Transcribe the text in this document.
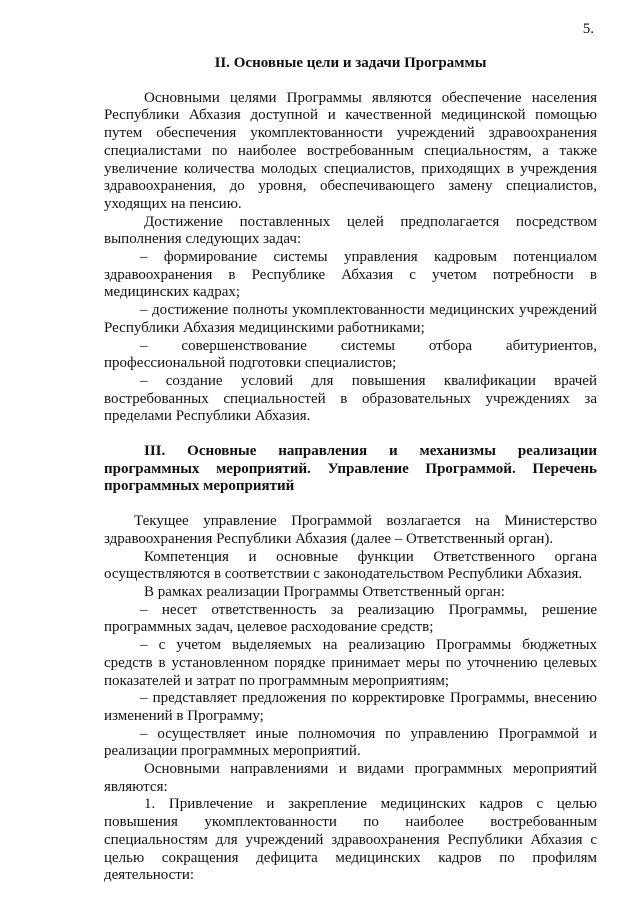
5.
II. Основные цели и задачи Программы

Основными целями Программы являются обеспечение населения Республики Абхазия доступной и качественной медицинской помощью путем обеспечения укомплектованности учреждений здравоохранения специалистами по наиболее востребованным специальностям, а также увеличение количества молодых специалистов, приходящих в учреждения здравоохранения, до уровня, обеспечивающего замену специалистов, уходящих на пенсию.

Достижение поставленных целей предполагается посредством выполнения следующих задач:

– формирование системы управления кадровым потенциалом здравоохранения в Республике Абхазия с учетом потребности в медицинских кадрах;

– достижение полноты укомплектованности медицинских учреждений Республики Абхазия медицинскими работниками;

– совершенствование системы отбора абитуриентов, профессиональной подготовки специалистов;

– создание условий для повышения квалификации врачей востребованных специальностей в образовательных учреждениях за пределами Республики Абхазия.

III. Основные направления и механизмы реализации программных мероприятий. Управление Программой. Перечень программных мероприятий

Текущее управление Программой возлагается на Министерство здравоохранения Республики Абхазия (далее – Ответственный орган).

Компетенция и основные функции Ответственного органа осуществляются в соответствии с законодательством Республики Абхазия.

В рамках реализации Программы Ответственный орган:

– несет ответственность за реализацию Программы, решение программных задач, целевое расходование средств;

– с учетом выделяемых на реализацию Программы бюджетных средств в установленном порядке принимает меры по уточнению целевых показателей и затрат по программным мероприятиям;

– представляет предложения по корректировке Программы, внесению изменений в Программу;

– осуществляет иные полномочия по управлению Программой и реализации программных мероприятий.

Основными направлениями и видами программных мероприятий являются:

1. Привлечение и закрепление медицинских кадров с целью повышения укомплектованности по наиболее востребованным специальностям для учреждений здравоохранения Республики Абхазия с целью сокращения дефицита медицинских кадров по профилям деятельности:
